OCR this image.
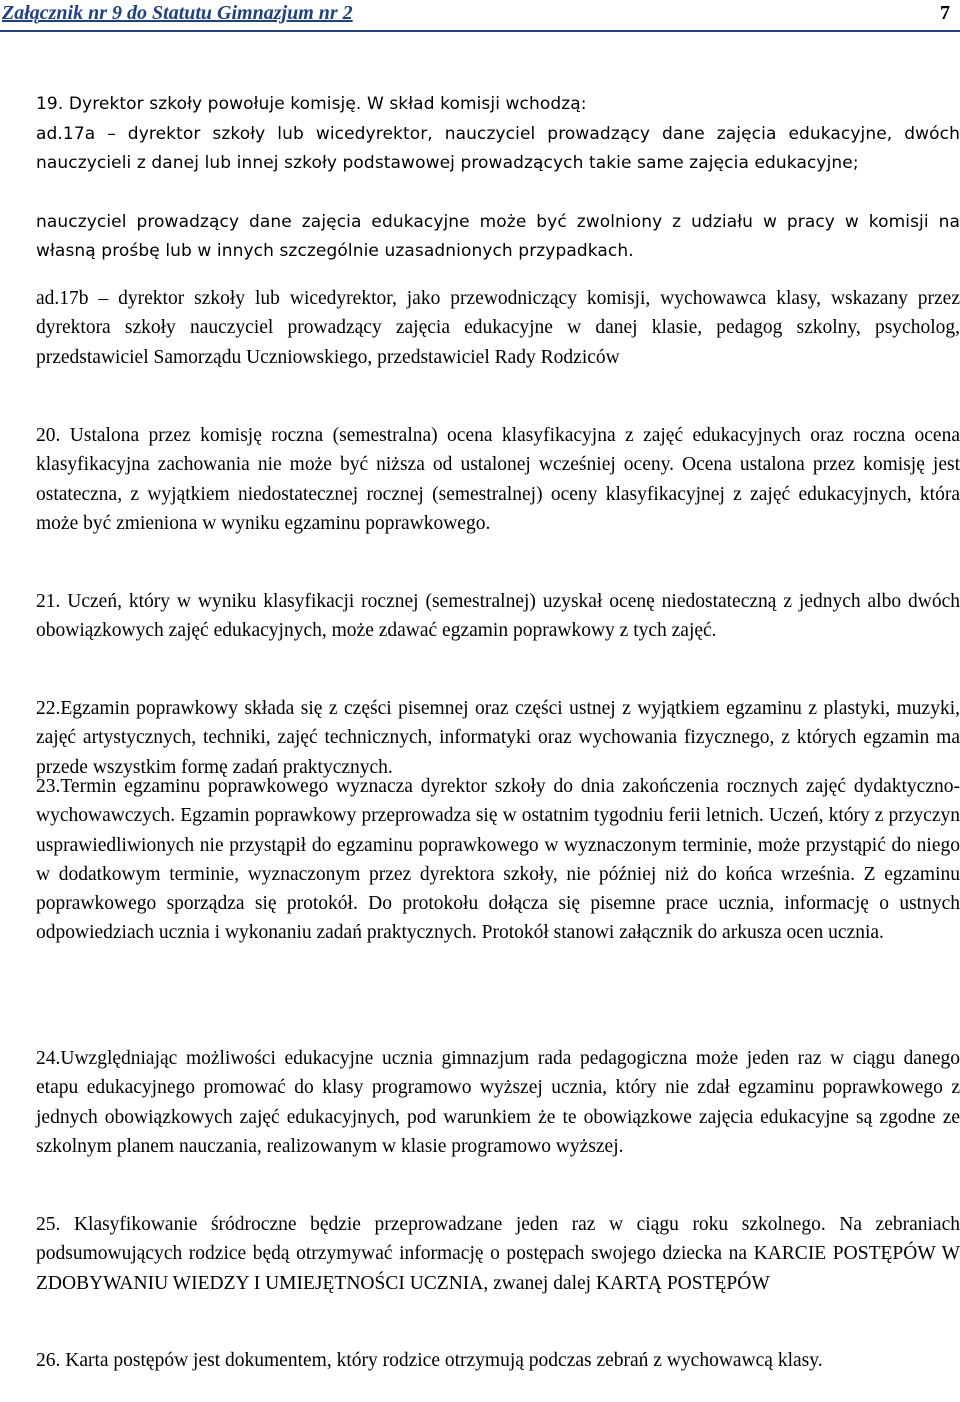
Załącznik nr 9 do Statutu Gimnazjum nr 2	7

19. Dyrektor szkoły powołuje komisję. W skład komisji wchodzą:

ad.17a – dyrektor szkoły lub wicedyrektor, nauczyciel prowadzący dane zajęcia edukacyjne, dwóch nauczycieli z danej lub innej szkoły podstawowej prowadzących takie same zajęcia edukacyjne;

nauczyciel prowadzący dane zajęcia edukacyjne może być zwolniony z udziału w pracy w komisji na własną prośbę lub w innych szczególnie uzasadnionych przypadkach.

ad.17b – dyrektor szkoły lub wicedyrektor, jako przewodniczący komisji, wychowawca klasy, wskazany przez dyrektora szkoły nauczyciel prowadzący zajęcia edukacyjne w danej klasie, pedagog szkolny, psycholog, przedstawiciel Samorządu Uczniowskiego, przedstawiciel Rady Rodziców

20. Ustalona przez komisję roczna (semestralna) ocena klasyfikacyjna z zajęć edukacyjnych oraz roczna ocena klasyfikacyjna zachowania nie może być niższa od ustalonej wcześniej oceny. Ocena ustalona przez komisję jest ostateczna, z wyjątkiem niedostatecznej rocznej (semestralnej) oceny klasyfikacyjnej z zajęć edukacyjnych, która może być zmieniona w wyniku egzaminu poprawkowego.

21. Uczeń, który w wyniku klasyfikacji rocznej (semestralnej) uzyskał ocenę niedostateczną z jednych albo dwóch obowiązkowych zajęć edukacyjnych, może zdawać egzamin poprawkowy z tych zajęć.

22.Egzamin poprawkowy składa się z części pisemnej oraz części ustnej z wyjątkiem egzaminu z plastyki, muzyki, zajęć artystycznych, techniki, zajęć technicznych, informatyki oraz wychowania fizycznego, z których egzamin ma przede wszystkim formę zadań praktycznych.

23.Termin egzaminu poprawkowego wyznacza dyrektor szkoły do dnia zakończenia rocznych zajęć dydaktyczno-wychowawczych. Egzamin poprawkowy przeprowadza się w ostatnim tygodniu ferii letnich. Uczeń, który z przyczyn usprawiedliwionych nie przystąpił do egzaminu poprawkowego w wyznaczonym terminie, może przystąpić do niego w dodatkowym terminie, wyznaczonym przez dyrektora szkoły, nie później niż do końca września. Z egzaminu poprawkowego sporządza się protokół. Do protokołu dołącza się pisemne prace ucznia, informację o ustnych odpowiedziach ucznia i wykonaniu zadań praktycznych. Protokół stanowi załącznik do arkusza ocen ucznia.

24.Uwzględniając możliwości edukacyjne ucznia gimnazjum rada pedagogiczna może jeden raz w ciągu danego etapu edukacyjnego promować do klasy programowo wyższej ucznia, który nie zdał egzaminu poprawkowego z jednych obowiązkowych zajęć edukacyjnych, pod warunkiem że te obowiązkowe zajęcia edukacyjne są zgodne ze szkolnym planem nauczania, realizowanym w klasie programowo wyższej.

25. Klasyfikowanie śródroczne będzie przeprowadzane jeden raz w ciągu roku szkolnego. Na zebraniach podsumowujących rodzice będą otrzymywać informację o postępach swojego dziecka na KARCIE POSTĘPÓW W ZDOBYWANIU WIEDZY I UMIEJĘTNOŚCI UCZNIA, zwanej dalej KARTĄ POSTĘPÓW

26. Karta postępów jest dokumentem, który rodzice otrzymują podczas zebrań z wychowawcą klasy.
